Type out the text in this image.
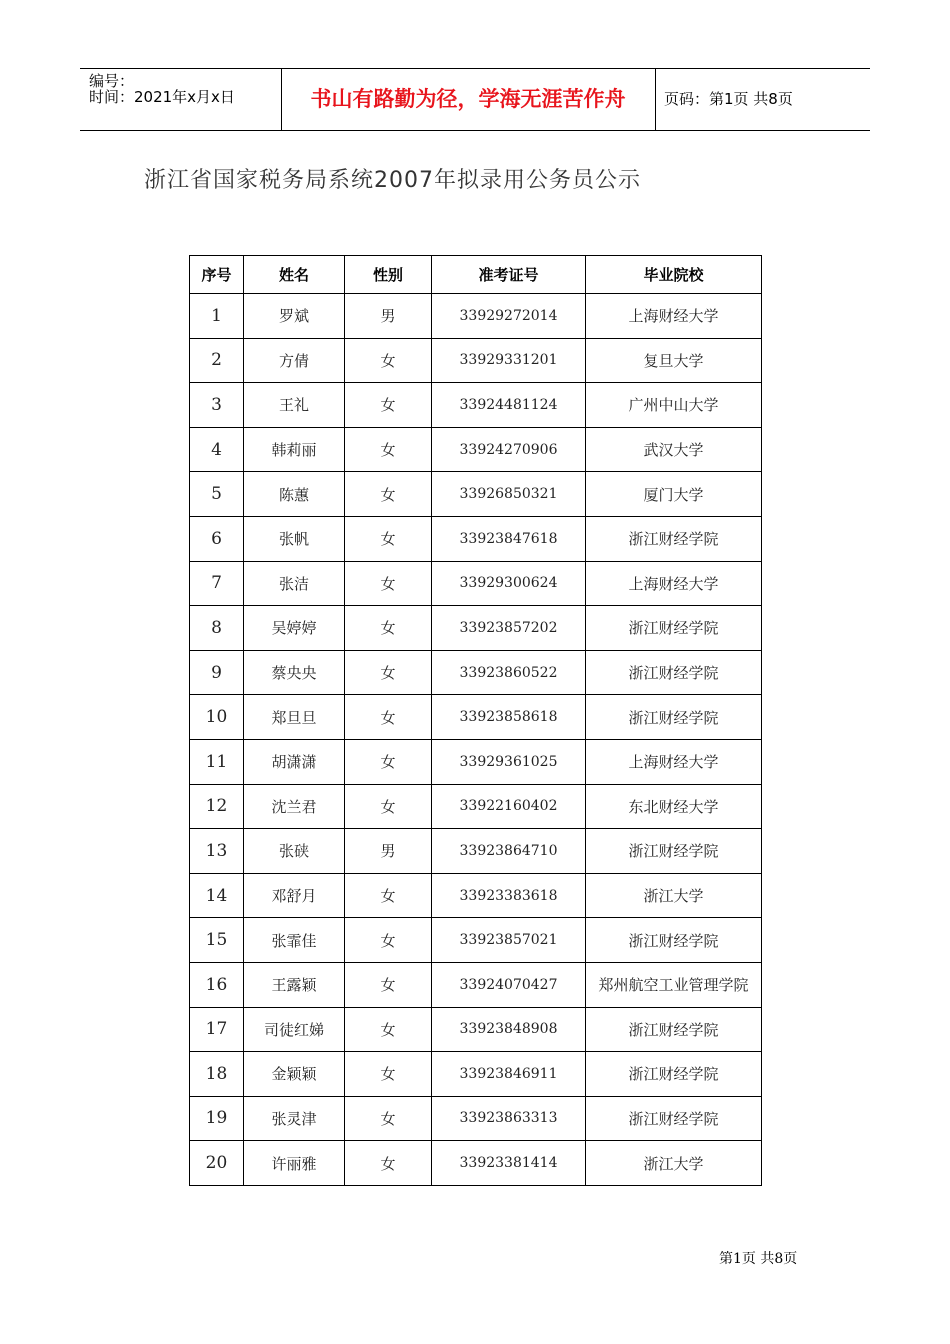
编号：
时间：2021年x月x日	书山有路勤为径，学海无涯苦作舟	页码：第1页 共8页
浙江省国家税务局系统2007年拟录用公务员公示
序号	姓名	性别	准考证号	毕业院校
1	罗斌	男	33929272014	上海财经大学
2	方倩	女	33929331201	复旦大学
3	王礼	女	33924481124	广州中山大学
4	韩莉丽	女	33924270906	武汉大学
5	陈蕙	女	33926850321	厦门大学
6	张帆	女	33923847618	浙江财经学院
7	张洁	女	33929300624	上海财经大学
8	吴婷婷	女	33923857202	浙江财经学院
9	蔡央央	女	33923860522	浙江财经学院
10	郑旦旦	女	33923858618	浙江财经学院
11	胡潇潇	女	33929361025	上海财经大学
12	沈兰君	女	33922160402	东北财经大学
13	张硖	男	33923864710	浙江财经学院
14	邓舒月	女	33923383618	浙江大学
15	张霏佳	女	33923857021	浙江财经学院
16	王露颖	女	33924070427	郑州航空工业管理学院
17	司徒红娣	女	33923848908	浙江财经学院
18	金颖颖	女	33923846911	浙江财经学院
19	张灵津	女	33923863313	浙江财经学院
20	许丽雅	女	33923381414	浙江大学
第1页 共8页
